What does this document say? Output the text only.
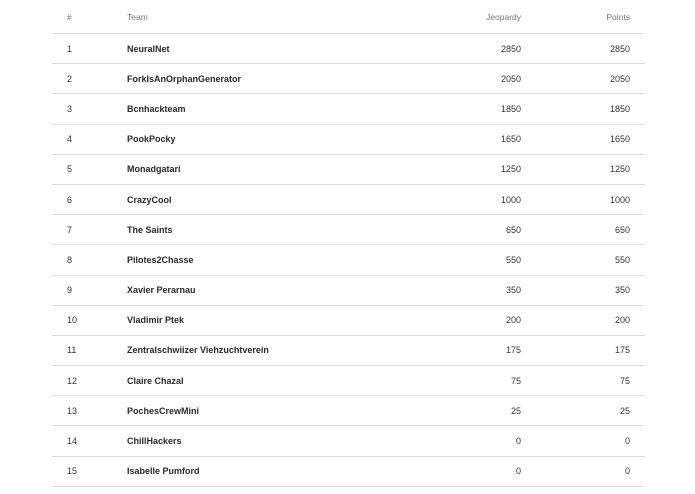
#	Team	Jeopardy	Points
1	NeuralNet	2850	2850
2	ForkIsAnOrphanGenerator	2050	2050
3	Bcnhackteam	1850	1850
4	PookPocky	1650	1650
5	Monadgatari	1250	1250
6	CrazyCool	1000	1000
7	The Saints	650	650
8	Pilotes2Chasse	550	550
9	Xavier Perarnau	350	350
10	Vladimir Ptek	200	200
11	Zentralschwiizer Viehzuchtverein	175	175
12	Claire Chazal	75	75
13	PochesCrewMini	25	25
14	ChillHackers	0	0
15	Isabelle Pumford	0	0
